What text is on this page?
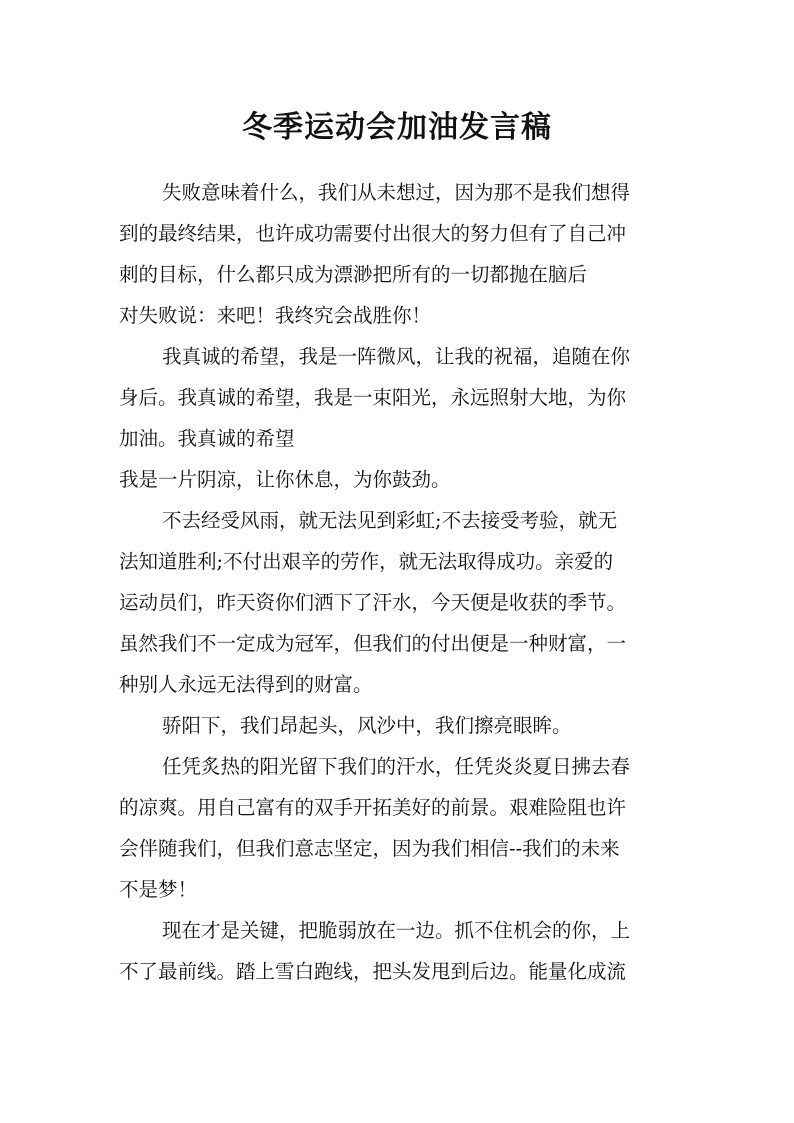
冬季运动会加油发言稿
失败意味着什么，我们从未想过，因为那不是我们想得
到的最终结果，也许成功需要付出很大的努力但有了自己冲
刺的目标，什么都只成为漂渺把所有的一切都抛在脑后
对失败说：来吧！我终究会战胜你！
我真诚的希望，我是一阵微风，让我的祝福，追随在你
身后。我真诚的希望，我是一束阳光，永远照射大地，为你
加油。我真诚的希望
我是一片阴凉，让你休息，为你鼓劲。
不去经受风雨，就无法见到彩虹;不去接受考验，就无
法知道胜利;不付出艰辛的劳作，就无法取得成功。亲爱的
运动员们，昨天资你们洒下了汗水，今天便是收获的季节。
虽然我们不一定成为冠军，但我们的付出便是一种财富，一
种别人永远无法得到的财富。
骄阳下，我们昂起头，风沙中，我们擦亮眼眸。
任凭炙热的阳光留下我们的汗水，任凭炎炎夏日拂去春
的凉爽。用自己富有的双手开拓美好的前景。艰难险阻也许
会伴随我们，但我们意志坚定，因为我们相信--我们的未来
不是梦！
现在才是关键，把脆弱放在一边。抓不住机会的你，上
不了最前线。踏上雪白跑线，把头发甩到后边。能量化成流
